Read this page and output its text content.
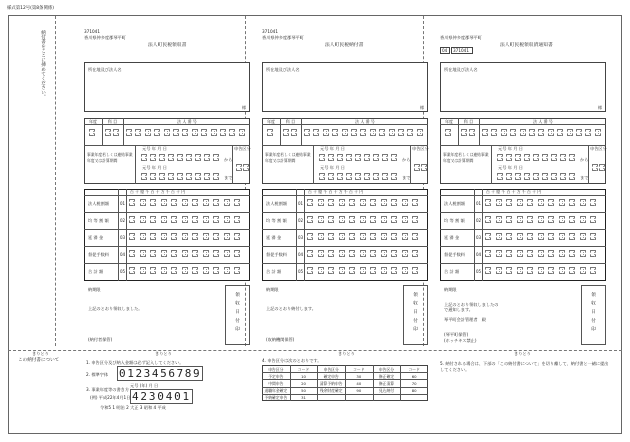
様式第12号(第8条関係)
納付書をここに挿めてください。	371041
香川県仲多度郡琴平町
法人町民税領収書
所在地及び法人名
様
年度	科 目	法 人 番 号
事業年度若しくは連結事業年度又は計算期間
元号 年 月 日
から
まで
申告区分
元号 年 月 日
百 十 億 千 百 十 万 千 百 十 円
法人税割額	01
均 等 割 額	02
延 滞 金	03
督促手数料	04
合 計 額	05
納期限
上記のとおり領収しました。
(納付者保管)
領収日付印
371041
香川県仲多度郡琴平町
法人町民税納付書
所在地及び法人名
様
年度	科 目	法 人 番 号
事業年度若しくは連結事業年度又は計算期間
元号 年 月 日
から
まで
申告区分
元号 年 月 日
百 十 億 千 百 十 万 千 百 十 円
法人税割額	01
均 等 割 額	02
延 滞 金	03
督促手数料	04
合 計 額	05
納期限
上記のとおり納付します。
(収納機関保管)
領収日付印
香川県仲多度郡琴平町
法人町民税領収済通知書
04 371041
所在地及び法人名
様
年度	科 目	法 人 番 号
事業年度若しくは連結事業年度又は計算期間
元号 年 月 日
から
まで
申告区分
元号 年 月 日
百 十 億 千 百 十 万 千 百 十 円
法人税割額	01
均 等 割 額	02
延 滞 金	03
督促手数料	04
合 計 額	05
納期限
上記のとおり領収しましたので通知します。
琴平町会計管理者　殿
(琴平町保管)
(ホッチキス禁止)
領収日付印
きりとり	きりとり	きりとり	きりとり
この納付書について	1. 申告区分及び納入金額は必ず記入してください。
2. 標準字体 0123456789
3. 事業年度等の書き方
元号 (年) 月 日
(例) 平成22年4月1日 4230401
令和5 1 明治 2 大正 3 昭和 4 平成
4. 申告区分は次のとおりです。
5. 納付される場合は、下部の「この納付書について」を切り離して、納付書と一緒に提出してください。
申告区分	コード	申告区分	コード	申告区分	コード
予定申告	10	確定申告	30	修正確定	60
中間申告	20	清算予納申告	40	修正清算	70
退職年金確定	50	残余財産確定	90	見込納付	80
予納確定申告	31
